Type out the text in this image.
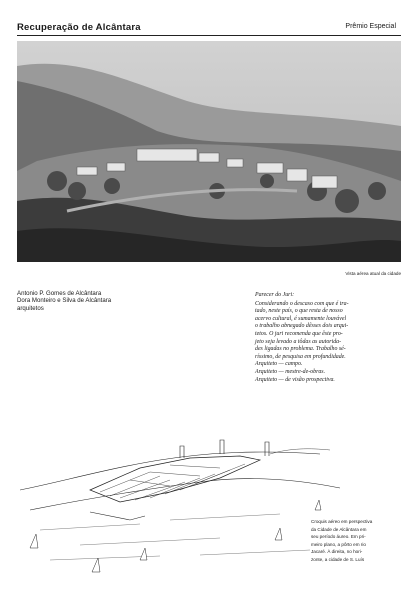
Recuperação de Alcântara	Prêmio Especial
Vista aérea atual da cidade
Antonio P. Gomes de Alcântara
Dora Monteiro e Silva de Alcântara
arquitetos

Parecer do Juri:

Considerando o descaso com que é tra-

tado, neste país, o que resta de nosso

acervo cultural, é sumamente louvável

o trabalho abnegado dêsses dois arqui-

tetos. O juri recomenda que êste pro-

jeto seja levado a tôdas as autorida-

des ligadas no problema. Trabalho sé-

ríssimo, de pesquisa em profundidade.

Arquiteto — campo.

Arquiteto — mestre-de-obras.

Arquiteto — de visão prospectiva.

Croquis aéreo em perspectiva
da Cidade de Alcântara em
seu período áureo. Em pri-
meiro plano, a pôrto em rio
Jacaré. À direita, no hori-
zonte, a cidade de S. Luís
